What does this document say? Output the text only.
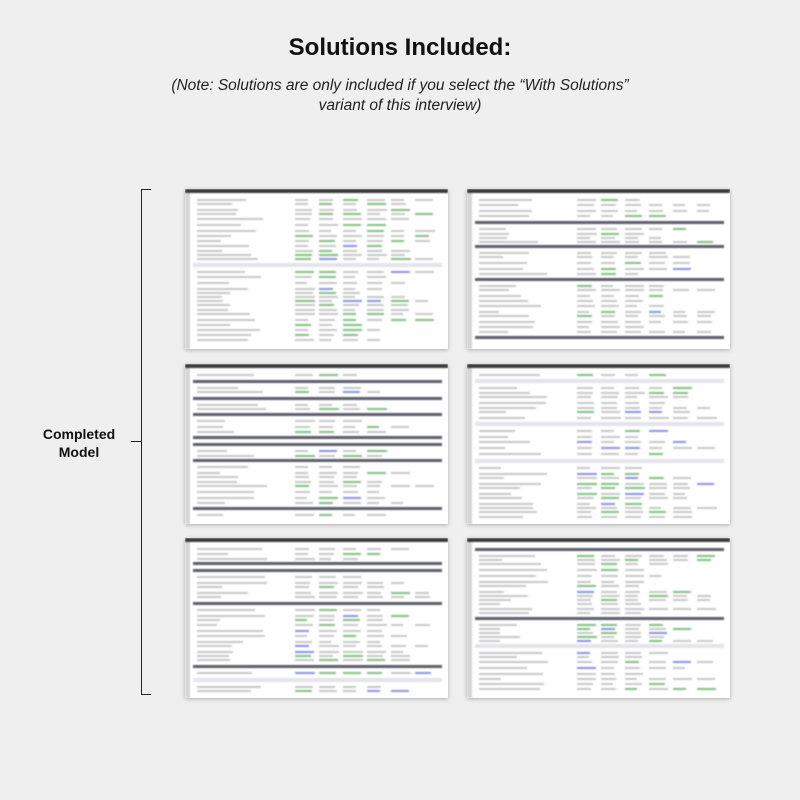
Solutions Included:
(Note: Solutions are only included if you select the “With Solutions” variant of this interview)
Completed
Model
